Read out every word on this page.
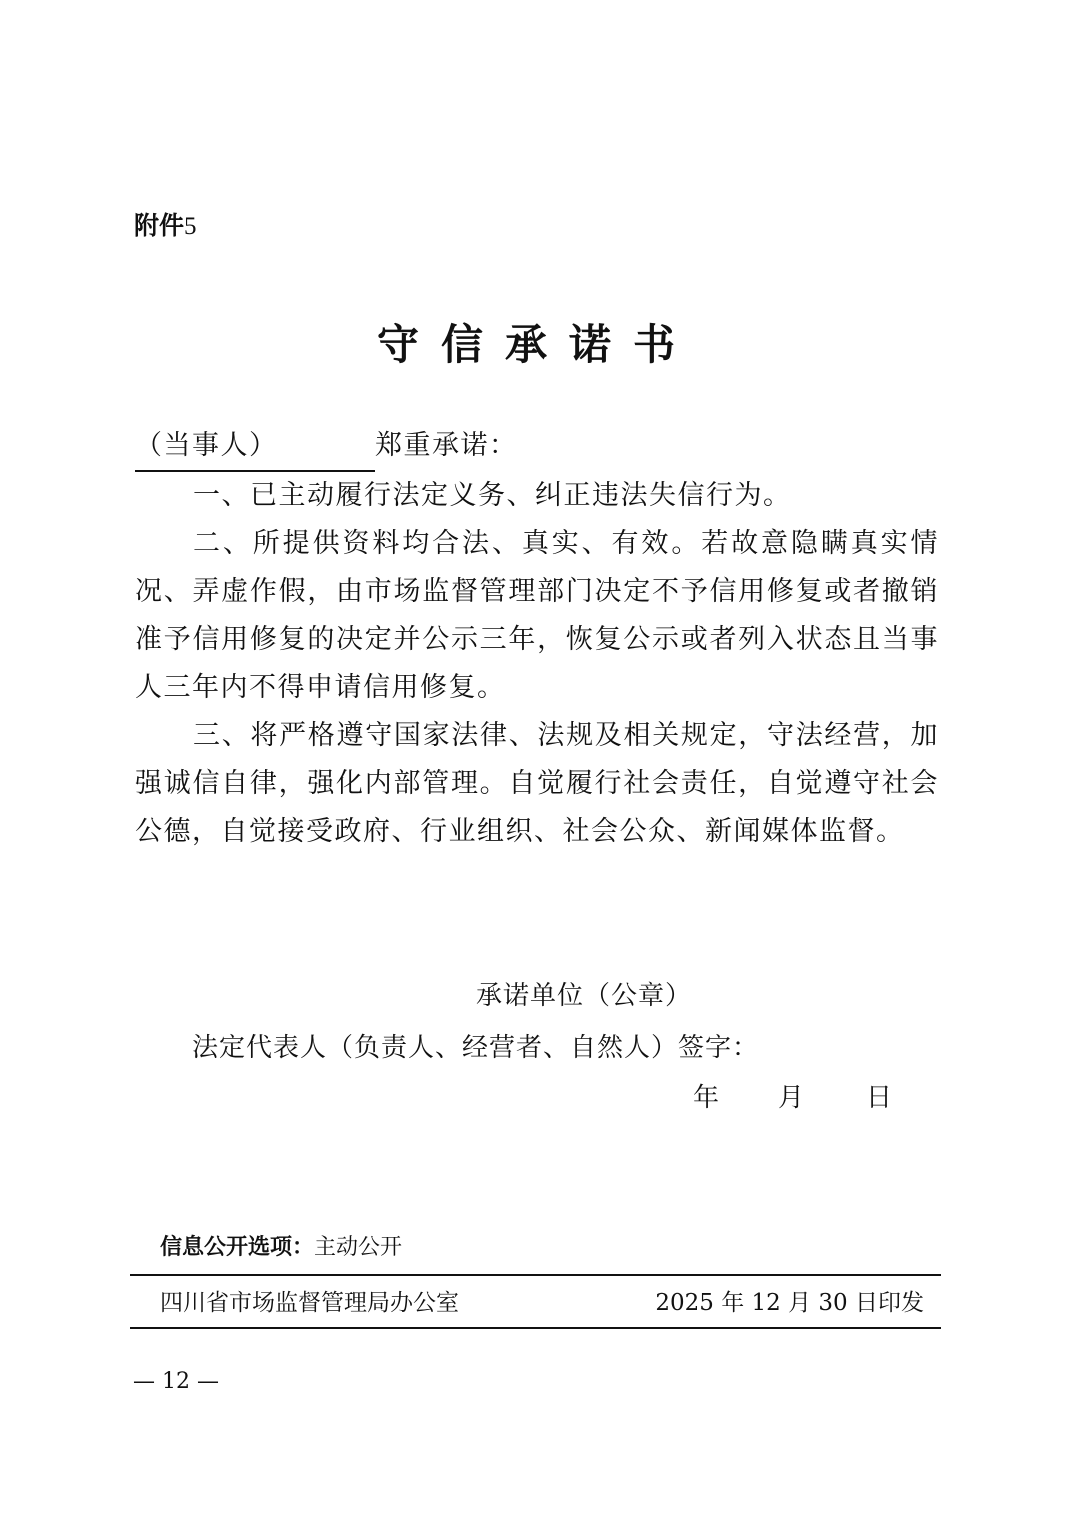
附件5
守信承诺书

（当事人）	郑重承诺：

一、已主动履行法定义务、纠正违法失信行为。

二、所提供资料均合法、真实、有效。若故意隐瞒真实情况、弄虚作假，由市场监督管理部门决定不予信用修复或者撤销准予信用修复的决定并公示三年，恢复公示或者列入状态且当事人三年内不得申请信用修复。

三、将严格遵守国家法律、法规及相关规定，守法经营，加强诚信自律，强化内部管理。自觉履行社会责任，自觉遵守社会公德，自觉接受政府、行业组织、社会公众、新闻媒体监督。

承诺单位（公章）
法定代表人（负责人、经营者、自然人）签字：
年 月 日
信息公开选项：主动公开
四川省市场监督管理局办公室	2025 年 12 月 30 日印发
— 12 —
